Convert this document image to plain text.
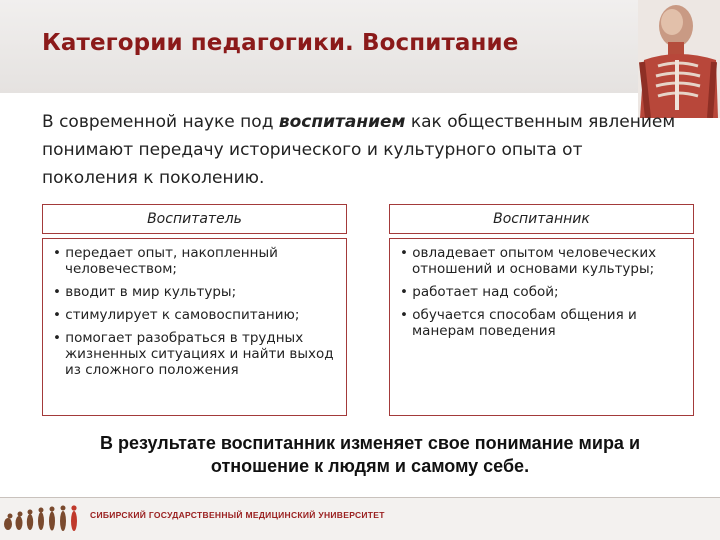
Категории педагогики. Воспитание
В современной науке под воспитанием как общественным явлением понимают передачу исторического и культурного опыта от поколения к поколению.
Воспитатель
• передает опыт, накопленный человечеством;
• вводит в мир культуры;
• стимулирует к самовоспитанию;
• помогает разобраться в трудных жизненных ситуациях и найти выход из сложного положения
Воспитанник
• овладевает опытом человеческих отношений и основами культуры;
• работает над собой;
• обучается способам общения и манерам поведения
В результате воспитанник изменяет свое понимание мира и отношение к людям и самому себе.
СИБИРСКИЙ ГОСУДАРСТВЕННЫЙ МЕДИЦИНСКИЙ УНИВЕРСИТЕТ
